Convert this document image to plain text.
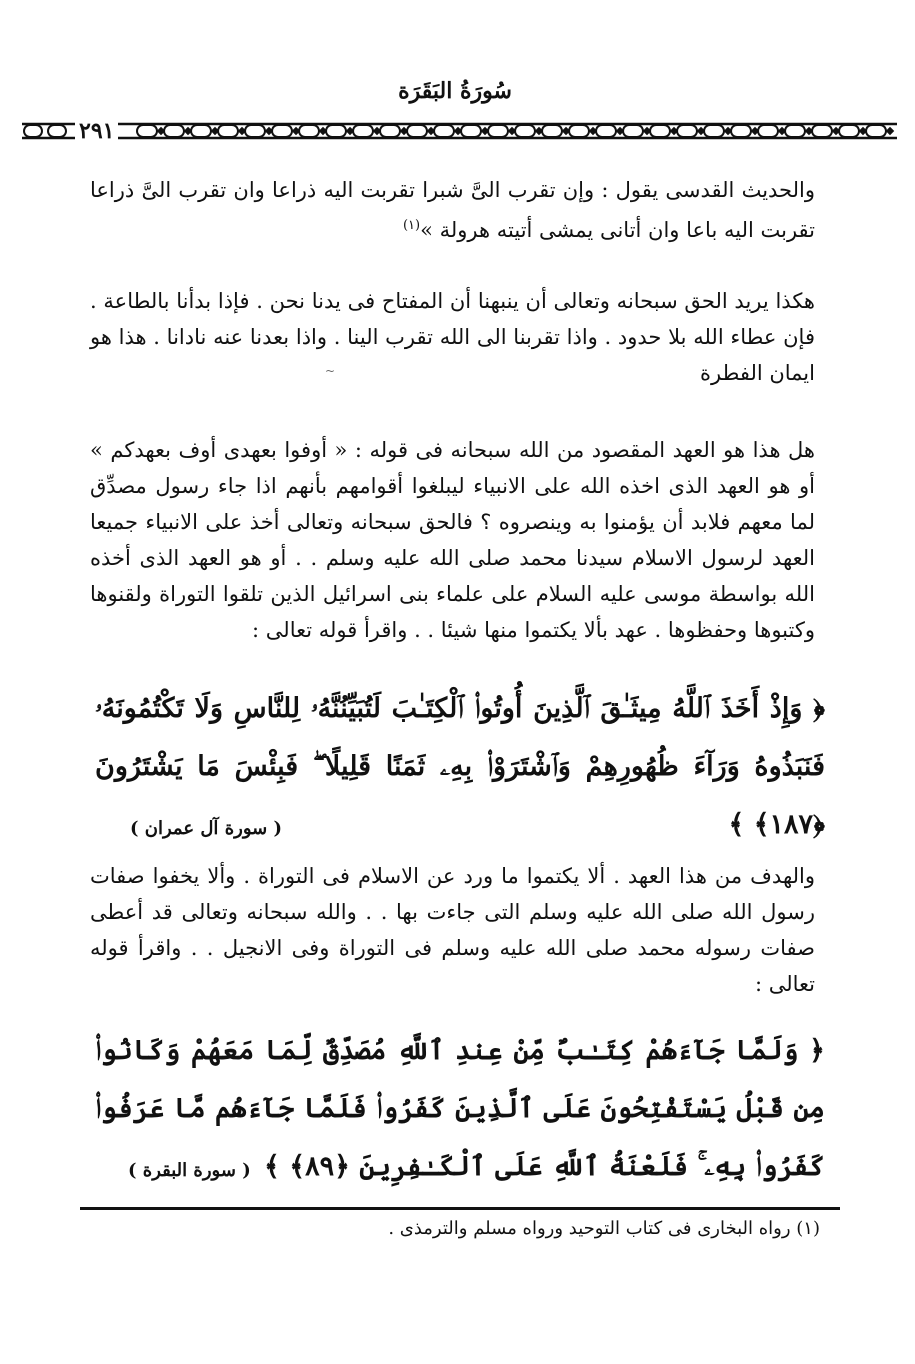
سُورَةُ البَقَرَة
٢٩١

والحديث القدسى يقول : وإن تقرب الىَّ شبرا تقربت اليه ذراعا وان تقرب الىَّ ذراعا تقربت اليه باعا وان أتانى يمشى أتيته هرولة »$^{(١)}$

هكذا يريد الحق سبحانه وتعالى أن ينبهنا أن المفتاح فى يدنا نحن . فإذا بدأنا بالطاعة . فإن عطاء الله بلا حدود . واذا تقربنا الى الله تقرب الينا . واذا بعدنا عنه نادانا . هذا هو ايمان الفطرة

~

هل هذا هو العهد المقصود من الله سبحانه فى قوله : « أوفوا بعهدى أوف بعهدكم » أو هو العهد الذى اخذه الله على الانبياء ليبلغوا أقوامهم بأنهم اذا جاء رسول مصدِّق لما معهم فلابد أن يؤمنوا به وينصروه ؟ فالحق سبحانه وتعالى أخذ على الانبياء جميعا العهد لرسول الاسلام سيدنا محمد صلى الله عليه وسلم . . أو هو العهد الذى أخذه الله بواسطة موسى عليه السلام على علماء بنى اسرائيل الذين تلقوا التوراة ولقنوها وكتبوها وحفظوها . عهد بألا يكتموا منها شيئا . . واقرأ قوله تعالى :

﴿ وَإِذْ أَخَذَ ٱللَّهُ مِيثَـٰقَ ٱلَّذِينَ أُوتُوا۟ ٱلْكِتَـٰبَ لَتُبَيِّنُنَّهُۥ لِلنَّاسِ وَلَا تَكْتُمُونَهُۥ فَنَبَذُوهُ وَرَآءَ ظُهُورِهِمْ وَٱشْتَرَوْا۟ بِهِۦ ثَمَنًا قَلِيلًا ۖ فَبِئْسَ مَا يَشْتَرُونَ ﴿١٨٧﴾ ﴾

( سورة آل عمران )

والهدف من هذا العهد . ألا يكتموا ما ورد عن الاسلام فى التوراة . وألا يخفوا صفات رسول الله صلى الله عليه وسلم التى جاءت بها . . والله سبحانه وتعالى قد أعطى صفات رسوله محمد صلى الله عليه وسلم فى التوراة وفى الانجيل . . واقرأ قوله تعالى :

﴿ وَلَمَّا جَآءَهُمْ كِتَـٰبٌ مِّنْ عِندِ ٱللَّهِ مُصَدِّقٌ لِّمَا مَعَهُمْ وَكَانُوا۟ مِن قَبْلُ يَسْتَفْتِحُونَ عَلَى ٱلَّذِينَ كَفَرُوا۟ فَلَمَّا جَآءَهُم مَّا عَرَفُوا۟ كَفَرُوا۟ بِهِۦ ۚ فَلَعْنَةُ ٱللَّهِ عَلَى ٱلْكَـٰفِرِينَ ﴿٨٩﴾ ﴾

( سورة البقرة )
(١) رواه البخارى فى كتاب التوحيد ورواه مسلم والترمذى .
